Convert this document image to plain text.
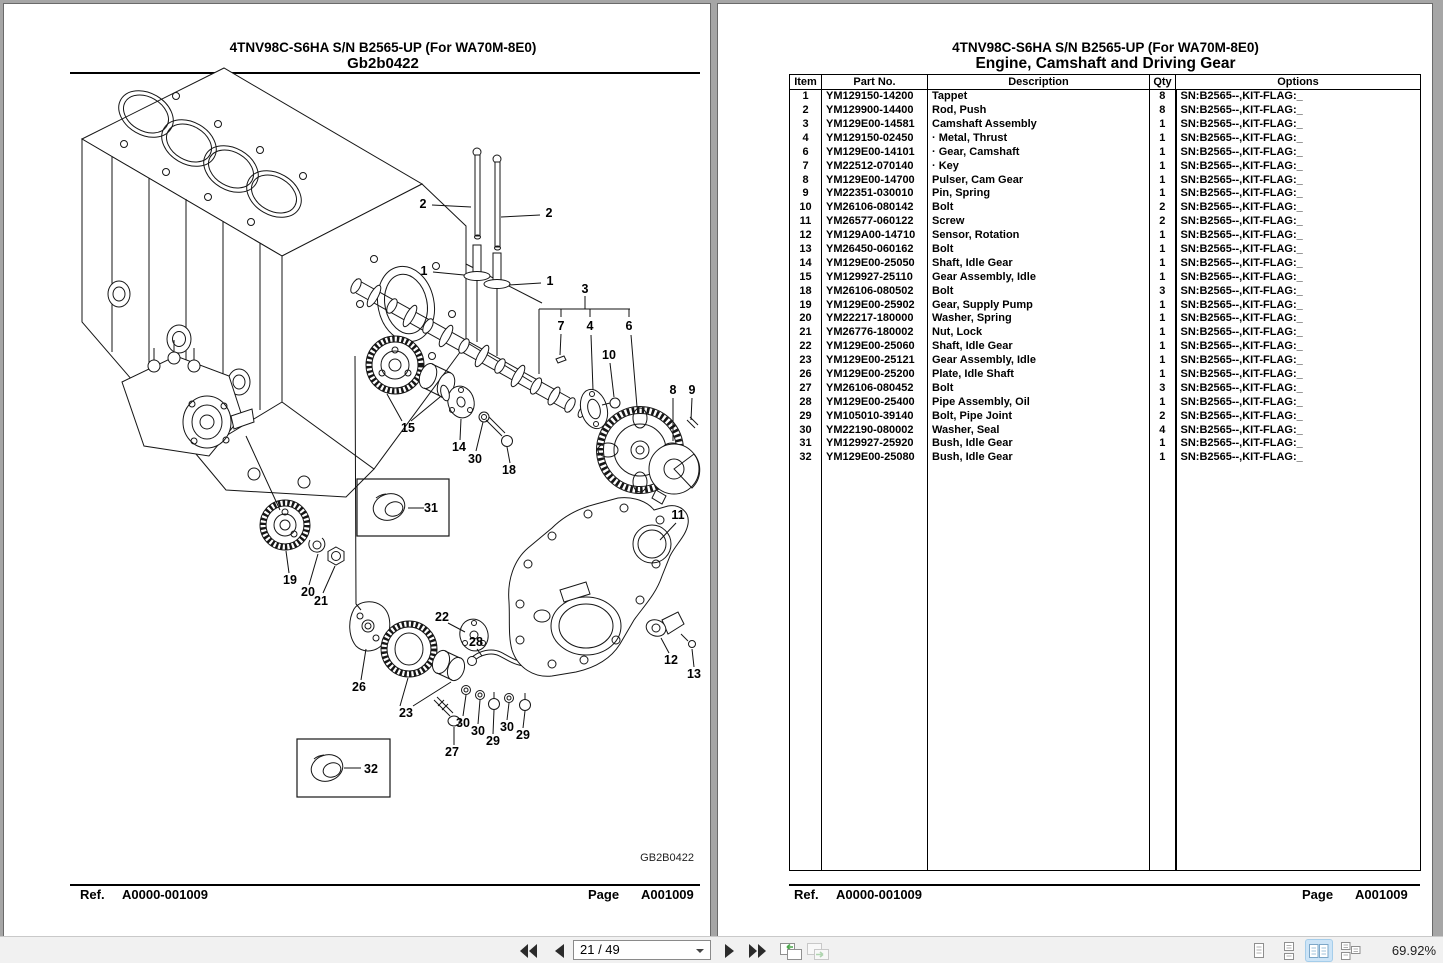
4TNV98C-S6HA S/N B2565-UP (For WA70M-8E0)
Gb2b0422
2
2
1
1
3
7 4	6
10
8 9
15
14
30
18
31	11
19
20
21
22
28
26
12
13
23
30
30
29
30
29
27
32
GB2B0422
Ref. A0000-001009	Page A001009
4TNV98C-S6HA S/N B2565-UP (For WA70M-8E0)
Engine, Camshaft and Driving Gear
Item	Part No.	Description	Qty	Options
1	YM129150-14200	Tappet	8	SN:B2565--,KIT-FLAG:_
2	YM129900-14400	Rod, Push	8	SN:B2565--,KIT-FLAG:_
3	YM129E00-14581	Camshaft Assembly	1	SN:B2565--,KIT-FLAG:_
4	YM129150-02450	· Metal, Thrust	1	SN:B2565--,KIT-FLAG:_
6	YM129E00-14101	· Gear, Camshaft	1	SN:B2565--,KIT-FLAG:_
7	YM22512-070140	· Key	1	SN:B2565--,KIT-FLAG:_
8	YM129E00-14700	Pulser, Cam Gear	1	SN:B2565--,KIT-FLAG:_
9	YM22351-030010	Pin, Spring	1	SN:B2565--,KIT-FLAG:_
10	YM26106-080142	Bolt	2	SN:B2565--,KIT-FLAG:_
11	YM26577-060122	Screw	2	SN:B2565--,KIT-FLAG:_
12	YM129A00-14710	Sensor, Rotation	1	SN:B2565--,KIT-FLAG:_
13	YM26450-060162	Bolt	1	SN:B2565--,KIT-FLAG:_
14	YM129E00-25050	Shaft, Idle Gear	1	SN:B2565--,KIT-FLAG:_
15	YM129927-25110	Gear Assembly, Idle	1	SN:B2565--,KIT-FLAG:_
18	YM26106-080502	Bolt	3	SN:B2565--,KIT-FLAG:_
19	YM129E00-25902	Gear, Supply Pump	1	SN:B2565--,KIT-FLAG:_
20	YM22217-180000	Washer, Spring	1	SN:B2565--,KIT-FLAG:_
21	YM26776-180002	Nut, Lock	1	SN:B2565--,KIT-FLAG:_
22	YM129E00-25060	Shaft, Idle Gear	1	SN:B2565--,KIT-FLAG:_
23	YM129E00-25121	Gear Assembly, Idle	1	SN:B2565--,KIT-FLAG:_
26	YM129E00-25200	Plate, Idle Shaft	1	SN:B2565--,KIT-FLAG:_
27	YM26106-080452	Bolt	3	SN:B2565--,KIT-FLAG:_
28	YM129E00-25400	Pipe Assembly, Oil	1	SN:B2565--,KIT-FLAG:_
29	YM105010-39140	Bolt, Pipe Joint	2	SN:B2565--,KIT-FLAG:_
30	YM22190-080002	Washer, Seal	4	SN:B2565--,KIT-FLAG:_
31	YM129927-25920	Bush, Idle Gear	1	SN:B2565--,KIT-FLAG:_
32	YM129E00-25080	Bush, Idle Gear	1	SN:B2565--,KIT-FLAG:_

Ref. A0000-001009	Page A001009
21 / 49	69.92%
